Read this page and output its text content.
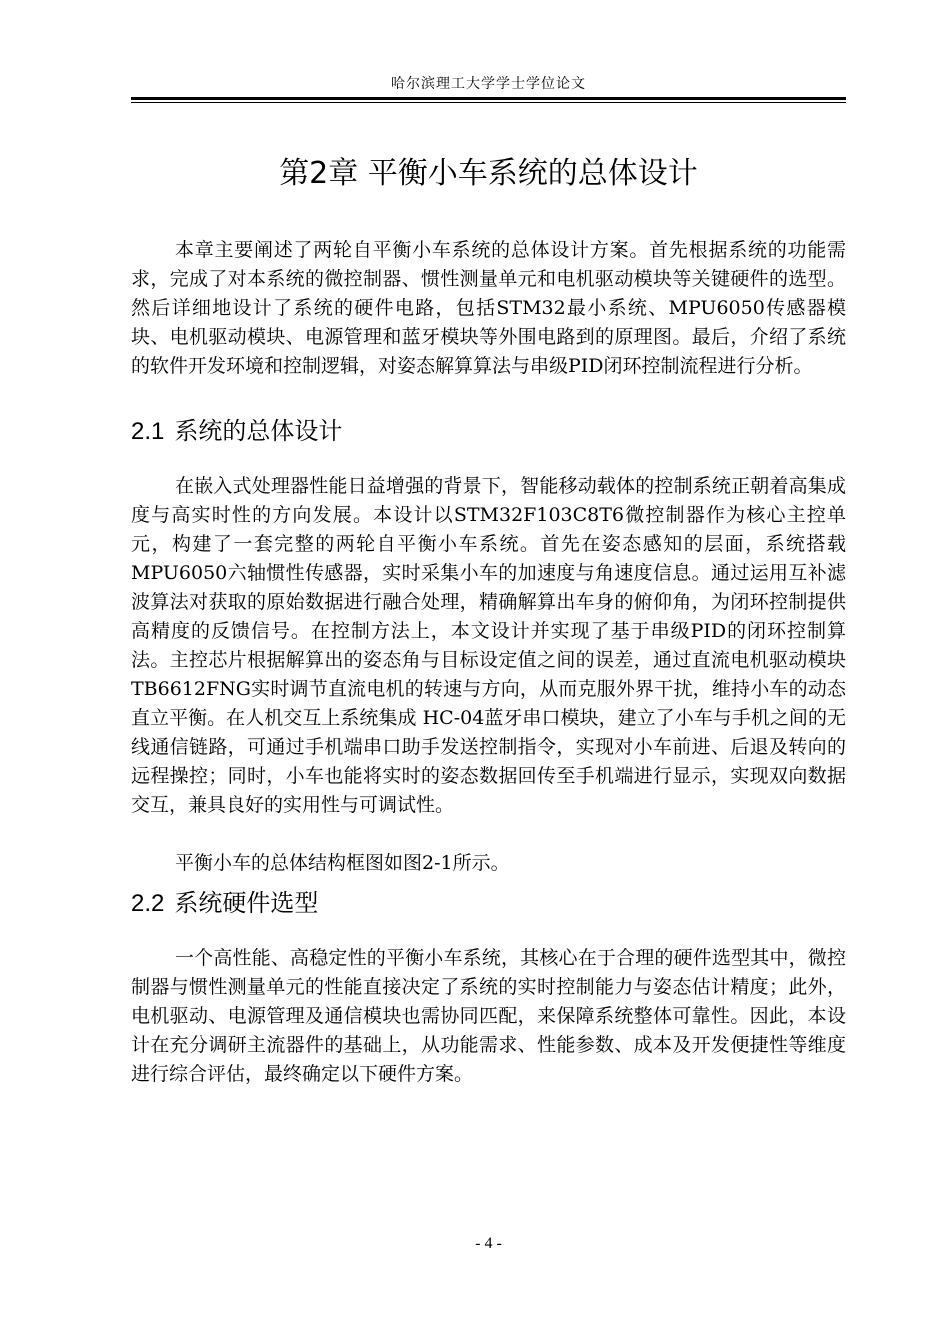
哈尔滨理工大学学士学位论文
第2章 平衡小车系统的总体设计

本章主要阐述了两轮自平衡小车系统的总体设计方案。首先根据系统的功能需求，完成了对本系统的微控制器、惯性测量单元和电机驱动模块等关键硬件的选型。然后详细地设计了系统的硬件电路，包括STM32最小系统、MPU6050传感器模块、电机驱动模块、电源管理和蓝牙模块等外围电路到的原理图。最后，介绍了系统的软件开发环境和控制逻辑，对姿态解算算法与串级PID闭环控制流程进行分析。

2.1 系统的总体设计

在嵌入式处理器性能日益增强的背景下，智能移动载体的控制系统正朝着高集成度与高实时性的方向发展。本设计以STM32F103C8T6微控制器作为核心主控单元，构建了一套完整的两轮自平衡小车系统。首先在姿态感知的层面，系统搭载MPU6050六轴惯性传感器，实时采集小车的加速度与角速度信息。通过运用互补滤波算法对获取的原始数据进行融合处理，精确解算出车身的俯仰角，为闭环控制提供高精度的反馈信号。在控制方法上，本文设计并实现了基于串级PID的闭环控制算法。主控芯片根据解算出的姿态角与目标设定值之间的误差，通过直流电机驱动模块TB6612FNG实时调节直流电机的转速与方向，从而克服外界干扰，维持小车的动态直立平衡。在人机交互上系统集成 HC-04蓝牙串口模块，建立了小车与手机之间的无线通信链路，可通过手机端串口助手发送控制指令，实现对小车前进、后退及转向的远程操控；同时，小车也能将实时的姿态数据回传至手机端进行显示，实现双向数据交互，兼具良好的实用性与可调试性。

平衡小车的总体结构框图如图2-1所示。

2.2 系统硬件选型

一个高性能、高稳定性的平衡小车系统，其核心在于合理的硬件选型其中，微控制器与惯性测量单元的性能直接决定了系统的实时控制能力与姿态估计精度；此外，电机驱动、电源管理及通信模块也需协同匹配，来保障系统整体可靠性。因此，本设计在充分调研主流器件的基础上，从功能需求、性能参数、成本及开发便捷性等维度进行综合评估，最终确定以下硬件方案。

- 4 -
